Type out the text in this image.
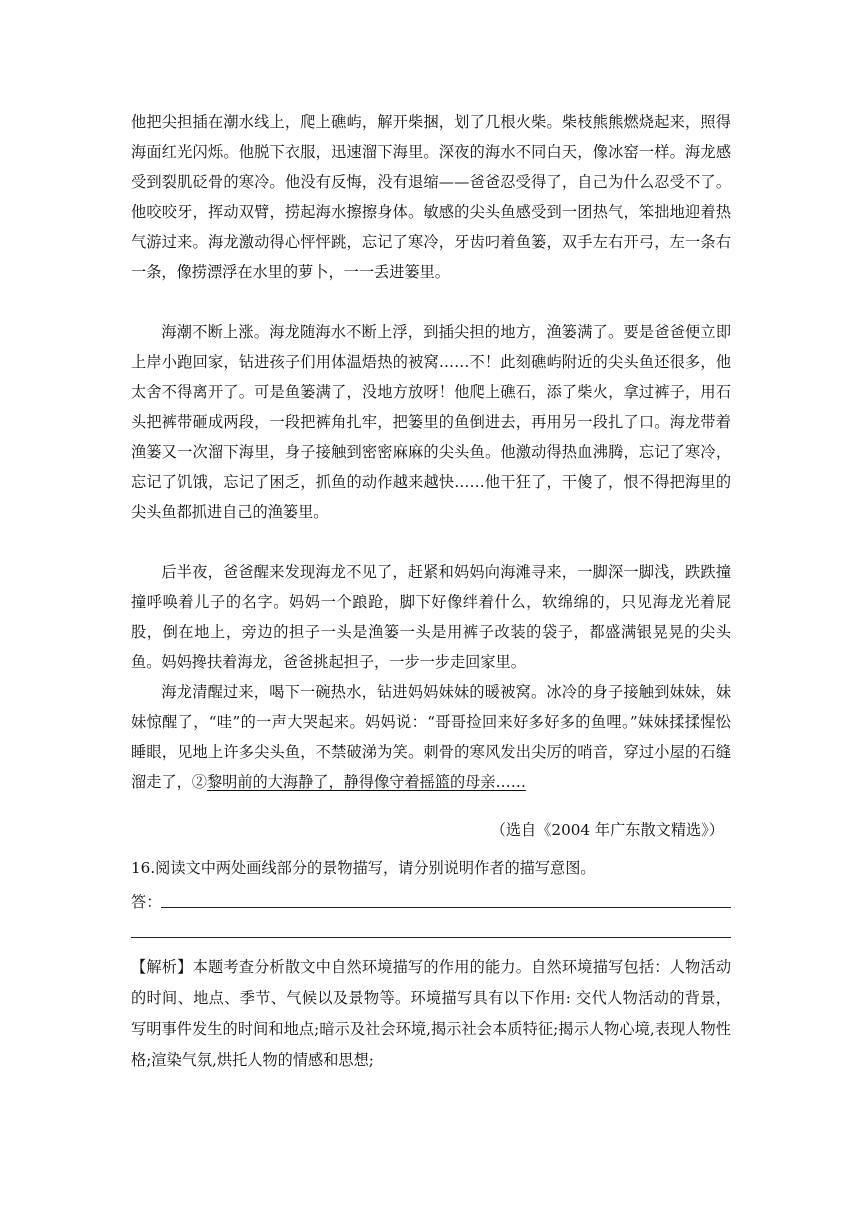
他把尖担插在潮水线上，爬上礁屿，解开柴捆，划了几根火柴。柴枝熊熊燃烧起来，照得海面红光闪烁。他脱下衣服，迅速溜下海里。深夜的海水不同白天，像冰窑一样。海龙感受到裂肌砭骨的寒冷。他没有反悔，没有退缩——爸爸忍受得了，自己为什么忍受不了。他咬咬牙，挥动双臂，捞起海水擦擦身体。敏感的尖头鱼感受到一团热气，笨拙地迎着热气游过来。海龙激动得心怦怦跳，忘记了寒冷，牙齿叼着鱼篓，双手左右开弓，左一条右一条，像捞漂浮在水里的萝卜，一一丢进篓里。

海潮不断上涨。海龙随海水不断上浮，到插尖担的地方，渔篓满了。要是爸爸便立即上岸小跑回家，钻进孩子们用体温焐热的被窝……不！此刻礁屿附近的尖头鱼还很多，他太舍不得离开了。可是鱼篓满了，没地方放呀！他爬上礁石，添了柴火，拿过裤子，用石头把裤带砸成两段，一段把裤角扎牢，把篓里的鱼倒进去，再用另一段扎了口。海龙带着渔篓又一次溜下海里，身子接触到密密麻麻的尖头鱼。他激动得热血沸腾，忘记了寒冷，忘记了饥饿，忘记了困乏，抓鱼的动作越来越快……他干狂了，干傻了，恨不得把海里的尖头鱼都抓进自己的渔篓里。

后半夜，爸爸醒来发现海龙不见了，赶紧和妈妈向海滩寻来，一脚深一脚浅，跌跌撞撞呼唤着儿子的名字。妈妈一个踉跄，脚下好像绊着什么，软绵绵的，只见海龙光着屁股，倒在地上，旁边的担子一头是渔篓一头是用裤子改装的袋子，都盛满银晃晃的尖头鱼。妈妈搀扶着海龙，爸爸挑起担子，一步一步走回家里。

海龙清醒过来，喝下一碗热水，钻进妈妈妹妹的暖被窝。冰冷的身子接触到妹妹，妹妹惊醒了，“哇”的一声大哭起来。妈妈说：“哥哥捡回来好多好多的鱼哩。”妹妹揉揉惺忪睡眼，见地上许多尖头鱼，不禁破涕为笑。刺骨的寒风发出尖厉的哨音，穿过小屋的石缝溜走了，②黎明前的大海静了，静得像守着摇篮的母亲……

（选自《2004 年广东散文精选》）
16.阅读文中两处画线部分的景物描写，请分别说明作者的描写意图。
答：

【解析】本题考查分析散文中自然环境描写的作用的能力。自然环境描写包括：人物活动的时间、地点、季节、气候以及景物等。环境描写具有以下作用: 交代人物活动的背景，写明事件发生的时间和地点;暗示及社会环境,揭示社会本质特征;揭示人物心境,表现人物性格;渲染气氛,烘托人物的情感和思想;
